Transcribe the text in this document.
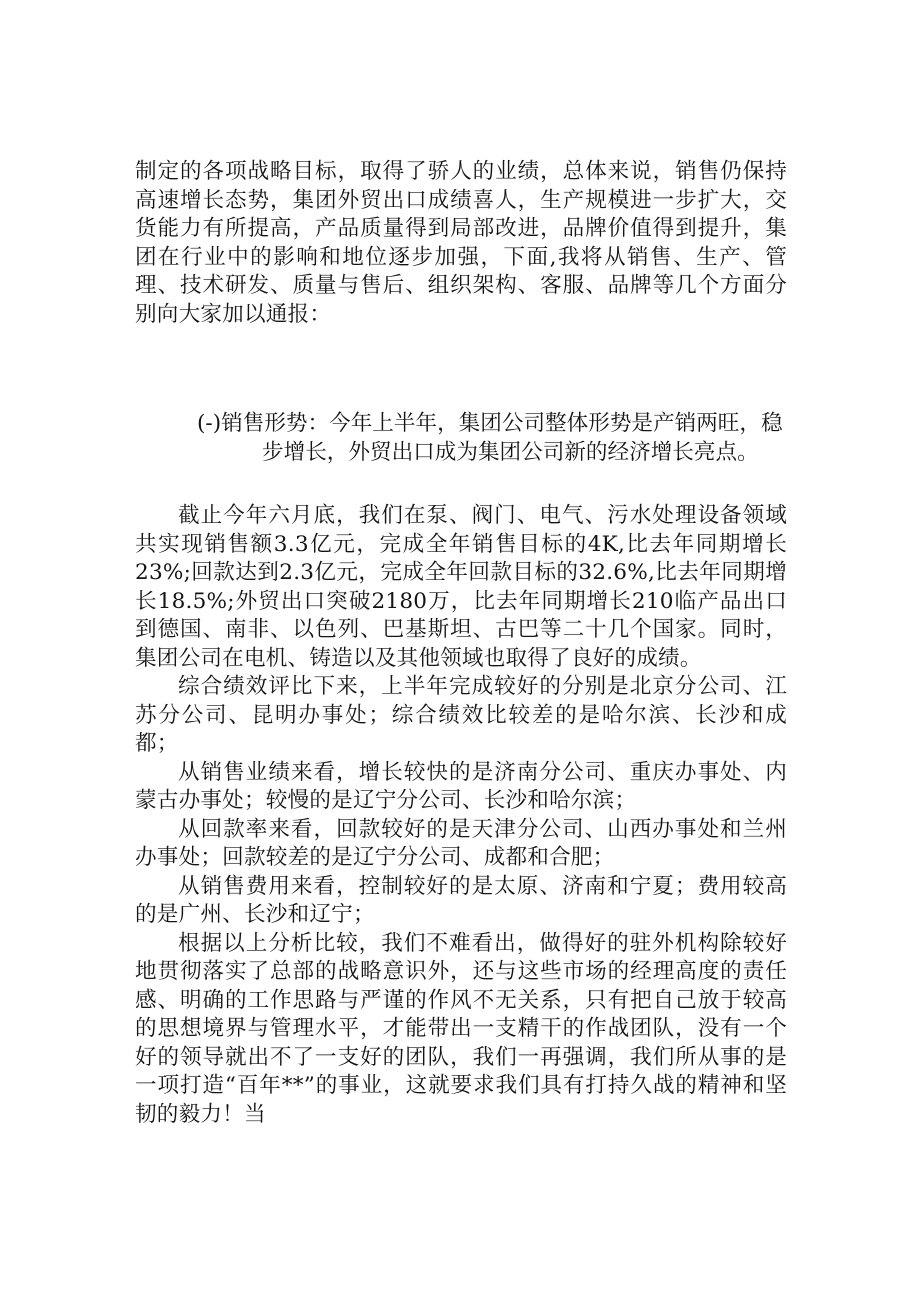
制定的各项战略目标，取得了骄人的业绩，总体来说，销售仍保持高速增长态势，集团外贸出口成绩喜人，生产规模进一步扩大，交货能力有所提高，产品质量得到局部改进，品牌价值得到提升，集团在行业中的影响和地位逐步加强，下面,我将从销售、生产、管理、技术研发、质量与售后、组织架构、客服、品牌等几个方面分别向大家加以通报：

(-)销售形势：今年上半年，集团公司整体形势是产销两旺，稳
步增长，外贸出口成为集团公司新的经济增长亮点。

截止今年六月底，我们在泵、阀门、电气、污水处理设备领域共实现销售额3.3亿元，完成全年销售目标的4K,比去年同期增长23%;回款达到2.3亿元，完成全年回款目标的32.6%,比去年同期增长18.5%;外贸出口突破2180万，比去年同期增长210临产品出口到德国、南非、以色列、巴基斯坦、古巴等二十几个国家。同时，集团公司在电机、铸造以及其他领域也取得了良好的成绩。

综合绩效评比下来，上半年完成较好的分别是北京分公司、江苏分公司、昆明办事处；综合绩效比较差的是哈尔滨、长沙和成都；

从销售业绩来看，增长较快的是济南分公司、重庆办事处、内蒙古办事处；较慢的是辽宁分公司、长沙和哈尔滨；

从回款率来看，回款较好的是天津分公司、山西办事处和兰州办事处；回款较差的是辽宁分公司、成都和合肥；

从销售费用来看，控制较好的是太原、济南和宁夏；费用较高的是广州、长沙和辽宁；

根据以上分析比较，我们不难看出，做得好的驻外机构除较好地贯彻落实了总部的战略意识外，还与这些市场的经理高度的责任感、明确的工作思路与严谨的作风不无关系，只有把自己放于较高的思想境界与管理水平，才能带出一支精干的作战团队，没有一个好的领导就出不了一支好的团队，我们一再强调，我们所从事的是一项打造“百年**”的事业，这就要求我们具有打持久战的精神和坚韧的毅力！当
